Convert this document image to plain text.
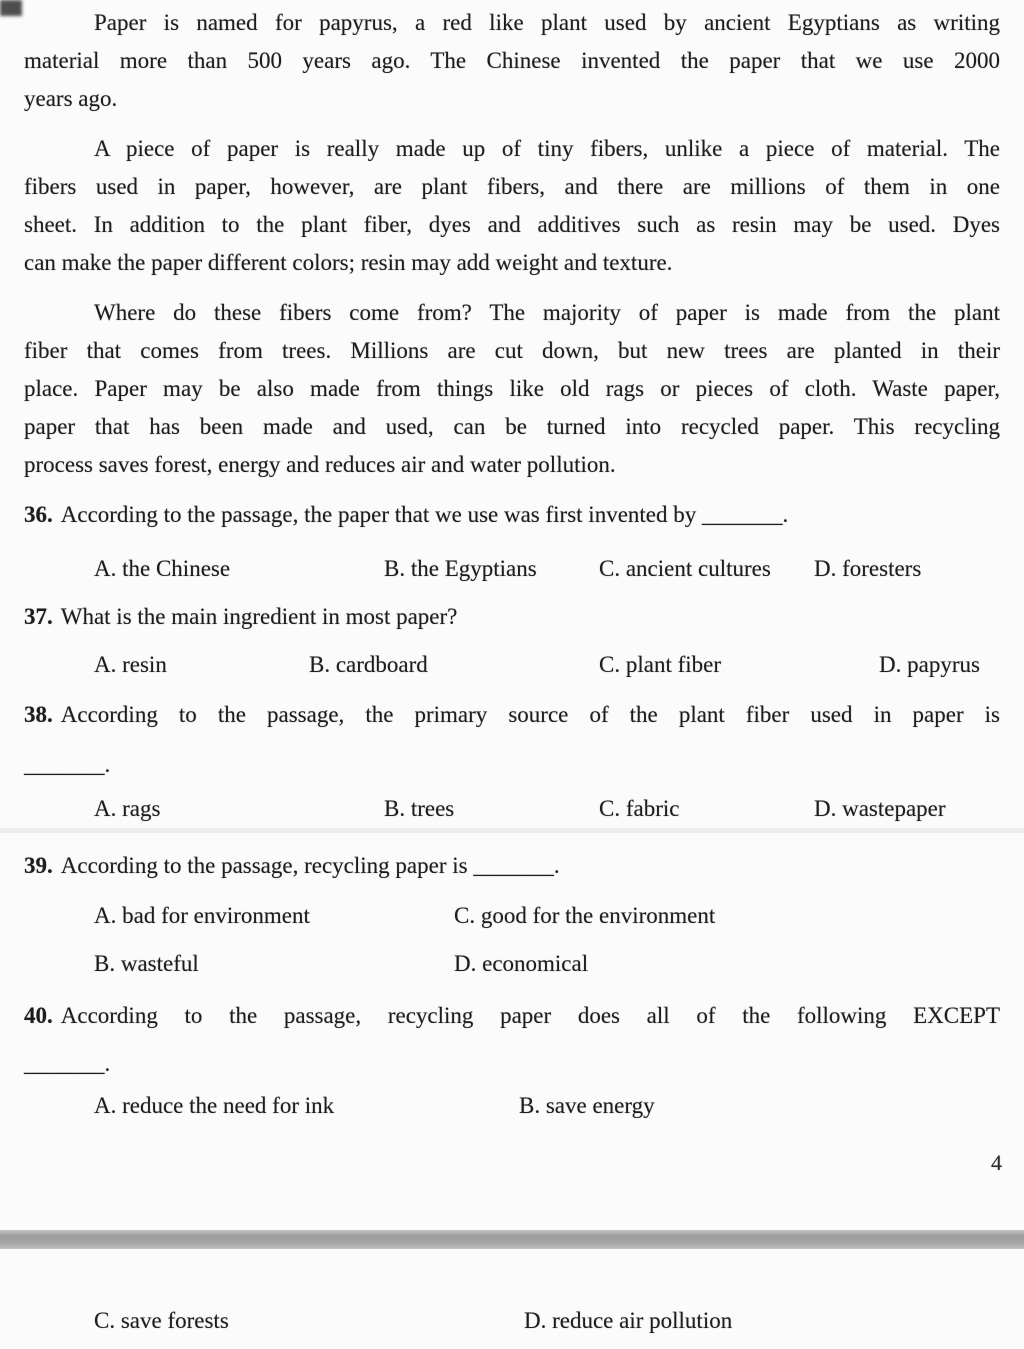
Paper is named for papyrus, a red like plant used by ancient Egyptians as writing
material more than 500 years ago. The Chinese invented the paper that we use 2000
years ago.
A piece of paper is really made up of tiny fibers, unlike a piece of material. The
fibers used in paper, however, are plant fibers, and there are millions of them in one
sheet. In addition to the plant fiber, dyes and additives such as resin may be used. Dyes
can make the paper different colors; resin may add weight and texture.
Where do these fibers come from? The majority of paper is made from the plant
fiber that comes from trees. Millions are cut down, but new trees are planted in their
place. Paper may be also made from things like old rags or pieces of cloth. Waste paper,
paper that has been made and used, can be turned into recycled paper. This recycling
process saves forest, energy and reduces air and water pollution.
36. According to the passage, the paper that we use was first invented by _______.
A. the Chinese	B. the Egyptians	C. ancient cultures	D. foresters
37. What is the main ingredient in most paper?
A. resin	B. cardboard	C. plant fiber	D. papyrus
38. According to the passage, the primary source of the plant fiber used in paper is
_______.
A. rags	B. trees	C. fabric	D. wastepaper
39. According to the passage, recycling paper is _______.
A. bad for environment	C. good for the environment
B. wasteful	D. economical
40. According to the passage, recycling paper does all of the following EXCEPT
_______.
A. reduce the need for ink	B. save energy
4
C. save forests	D. reduce air pollution
